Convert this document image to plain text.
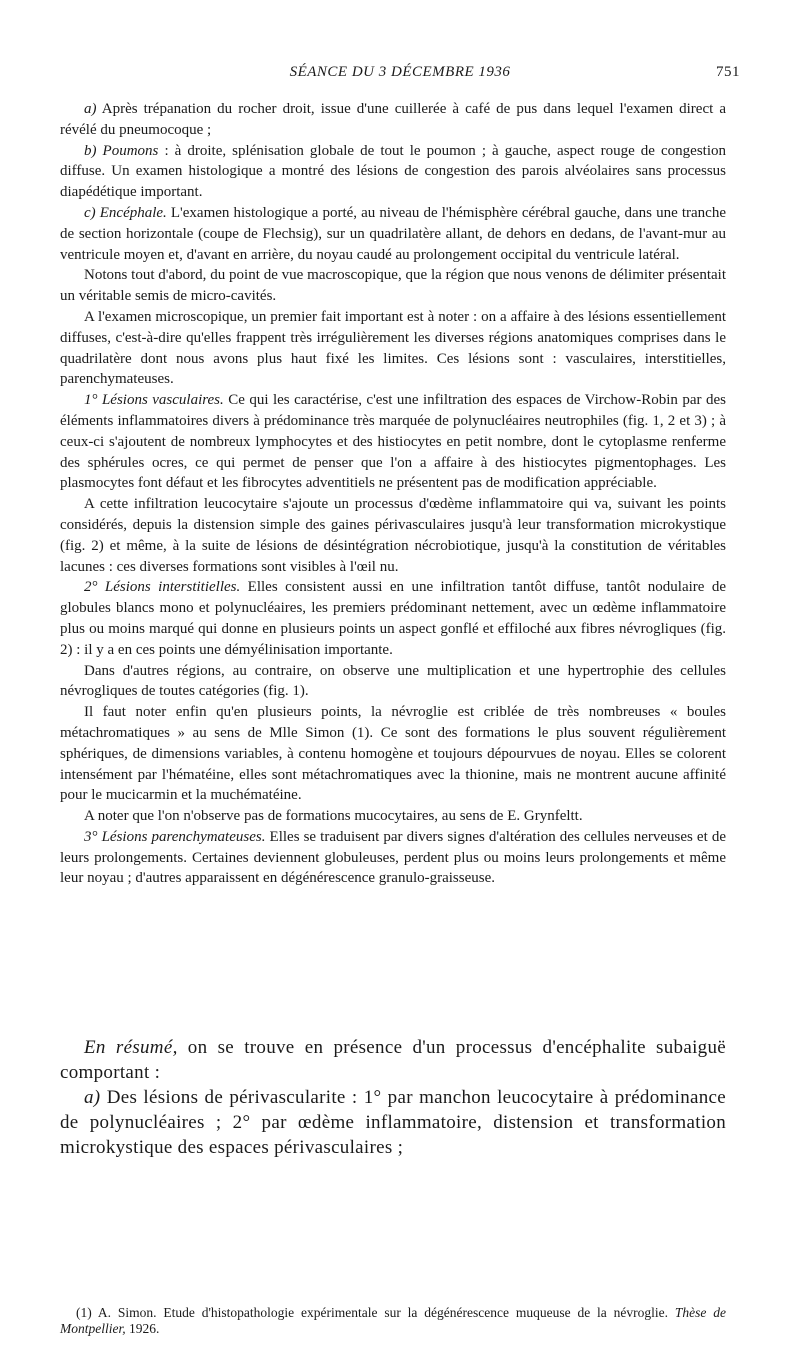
SÉANCE DU 3 DÉCEMBRE 1936	751

a) Après trépanation du rocher droit, issue d'une cuillerée à café de pus dans lequel l'examen direct a révélé du pneumocoque ;

b) Poumons : à droite, splénisation globale de tout le poumon ; à gauche, aspect rouge de congestion diffuse. Un examen histologique a montré des lésions de congestion des parois alvéolaires sans processus diapédétique important.

c) Encéphale. L'examen histologique a porté, au niveau de l'hémisphère cérébral gauche, dans une tranche de section horizontale (coupe de Flechsig), sur un quadrilatère allant, de dehors en dedans, de l'avant-mur au ventricule moyen et, d'avant en arrière, du noyau caudé au prolongement occipital du ventricule latéral.

Notons tout d'abord, du point de vue macroscopique, que la région que nous venons de délimiter présentait un véritable semis de micro-cavités.

A l'examen microscopique, un premier fait important est à noter : on a affaire à des lésions essentiellement diffuses, c'est-à-dire qu'elles frappent très irrégulièrement les diverses régions anatomiques comprises dans le quadrilatère dont nous avons plus haut fixé les limites. Ces lésions sont : vasculaires, interstitielles, parenchymateuses.

1° Lésions vasculaires. Ce qui les caractérise, c'est une infiltration des espaces de Virchow-Robin par des éléments inflammatoires divers à prédominance très marquée de polynucléaires neutrophiles (fig. 1, 2 et 3) ; à ceux-ci s'ajoutent de nombreux lymphocytes et des histiocytes en petit nombre, dont le cytoplasme renferme des sphérules ocres, ce qui permet de penser que l'on a affaire à des histiocytes pigmentophages. Les plasmocytes font défaut et les fibrocytes adventitiels ne présentent pas de modification appréciable.

A cette infiltration leucocytaire s'ajoute un processus d'œdème inflammatoire qui va, suivant les points considérés, depuis la distension simple des gaines périvasculaires jusqu'à leur transformation microkystique (fig. 2) et même, à la suite de lésions de désintégration nécrobiotique, jusqu'à la constitution de véritables lacunes : ces diverses formations sont visibles à l'œil nu.

2° Lésions interstitielles. Elles consistent aussi en une infiltration tantôt diffuse, tantôt nodulaire de globules blancs mono et polynucléaires, les premiers prédominant nettement, avec un œdème inflammatoire plus ou moins marqué qui donne en plusieurs points un aspect gonflé et effiloché aux fibres névrogliques (fig. 2) : il y a en ces points une démyélinisation importante.

Dans d'autres régions, au contraire, on observe une multiplication et une hypertrophie des cellules névrogliques de toutes catégories (fig. 1).

Il faut noter enfin qu'en plusieurs points, la névroglie est criblée de très nombreuses « boules métachromatiques » au sens de Mlle Simon (1). Ce sont des formations le plus souvent régulièrement sphériques, de dimensions variables, à contenu homogène et toujours dépourvues de noyau. Elles se colorent intensément par l'hématéine, elles sont métachromatiques avec la thionine, mais ne montrent aucune affinité pour le mucicarmin et la muchématéine.

A noter que l'on n'observe pas de formations mucocytaires, au sens de E. Grynfeltt.

3° Lésions parenchymateuses. Elles se traduisent par divers signes d'altération des cellules nerveuses et de leurs prolongements. Certaines deviennent globuleuses, perdent plus ou moins leurs prolongements et même leur noyau ; d'autres apparaissent en dégénérescence granulo-graisseuse.

En résumé, on se trouve en présence d'un processus d'encéphalite subaiguë comportant :

a) Des lésions de périvascularite : 1° par manchon leucocytaire à prédominance de polynucléaires ; 2° par œdème inflammatoire, distension et transformation microkystique des espaces périvasculaires ;

(1) A. Simon. Etude d'histopathologie expérimentale sur la dégénérescence muqueuse de la névroglie. Thèse de Montpellier, 1926.
